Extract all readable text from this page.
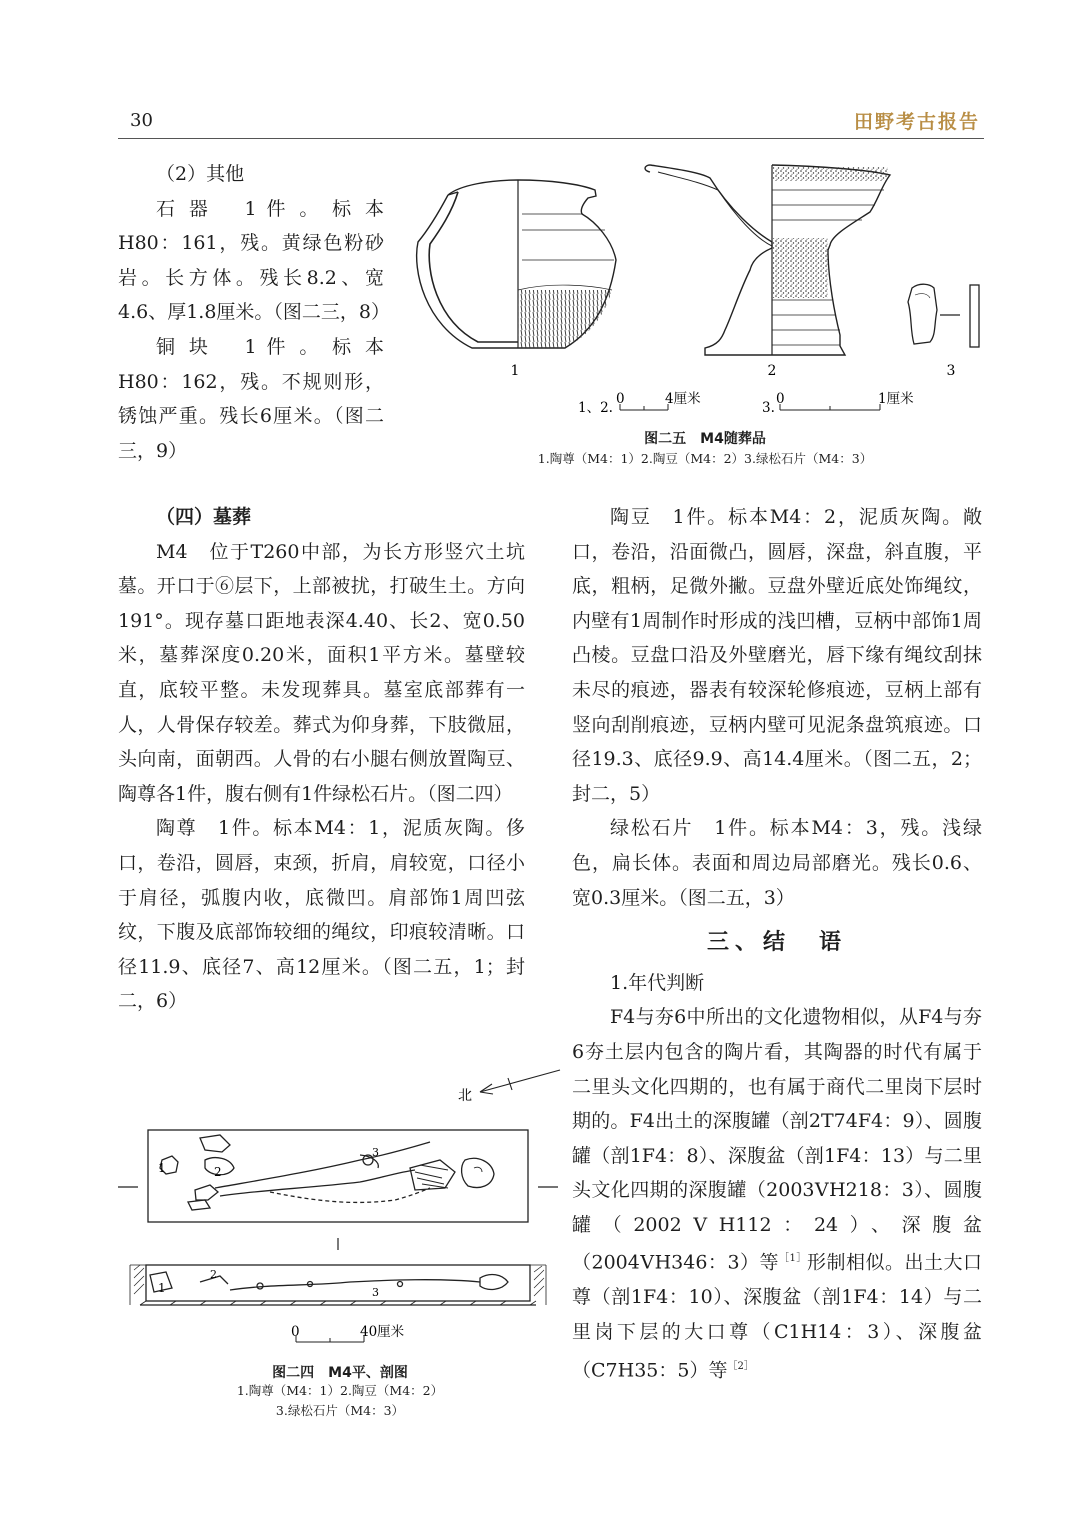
30	田野考古报告

（2）其他

石 器　 1 件 。 标 本H80：161，残。黄绿色粉砂岩。长方体。残长8.2、宽4.6、厚1.8厘米。（图二三，8）

铜 块　 1 件 。 标 本H80：162，残。不规则形，锈蚀严重。残长6厘米。（图二三，9）

（四）墓葬

M4　位于T260中部，为长方形竖穴土坑墓。开口于⑥层下，上部被扰，打破生土。方向191°。现存墓口距地表深4.40、长2、宽0.50米，墓葬深度0.20米，面积1平方米。墓壁较直，底较平整。未发现葬具。墓室底部葬有一人，人骨保存较差。葬式为仰身葬，下肢微屈，头向南，面朝西。人骨的右小腿右侧放置陶豆、陶尊各1件，腹右侧有1件绿松石片。（图二四）

陶尊　1件。标本M4：1，泥质灰陶。侈口，卷沿，圆唇，束颈，折肩，肩较宽，口径小于肩径，弧腹内收，底微凹。肩部饰1周凹弦纹，下腹及底部饰较细的绳纹，印痕较清晰。口径11.9、底径7、高12厘米。（图二五，1；封二，6）

1	2	3
1、2.
0	4厘米
3.
0	1厘米
图二五　M4随葬品
1.陶尊（M4：1）2.陶豆（M4：2）3.绿松石片（M4：3）

陶豆　1件。标本M4：2，泥质灰陶。敞口，卷沿，沿面微凸，圆唇，深盘，斜直腹，平底，粗柄，足微外撇。豆盘外壁近底处饰绳纹，内壁有1周制作时形成的浅凹槽，豆柄中部饰1周凸棱。豆盘口沿及外壁磨光，唇下缘有绳纹刮抹未尽的痕迹，器表有较深轮修痕迹，豆柄上部有竖向刮削痕迹，豆柄内壁可见泥条盘筑痕迹。口径19.3、底径9.9、高14.4厘米。（图二五，2；封二，5）

绿松石片　1件。标本M4：3，残。浅绿色，扁长体。表面和周边局部磨光。残长0.6、宽0.3厘米。（图二五，3）

三、结　语

1.年代判断

F4与夯6中所出的文化遗物相似，从F4与夯6夯土层内包含的陶片看，其陶器的时代有属于二里头文化四期的，也有属于商代二里岗下层时期的。F4出土的深腹罐（剖2T74F4：9）、圆腹罐（剖1F4：8）、深腹盆（剖1F4：13）与二里头文化四期的深腹罐（2003ⅤH218：3）、圆腹罐（2002ⅤH112：24）、深腹盆（2004ⅤH346：3）等$^{[1]}$形制相似。出土大口尊（剖1F4：10）、深腹盆（剖1F4：14）与二里岗下层的大口尊（C1H14：3）、深腹盆（C7H35：5）等$^{[2]}$

北
1	2
3
1
2
3
0	40厘米
图二四　M4平、剖图
1.陶尊（M4：1）2.陶豆（M4：2）
3.绿松石片（M4：3）
